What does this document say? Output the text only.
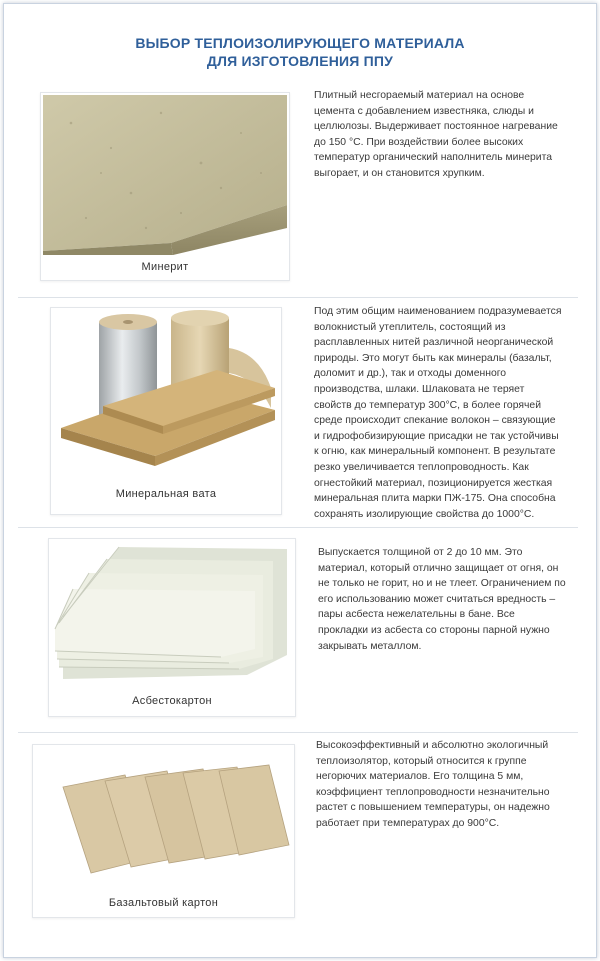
ВЫБОР ТЕПЛОИЗОЛИРУЮЩЕГО МАТЕРИАЛА
ДЛЯ ИЗГОТОВЛЕНИЯ ППУ
Минерит
Плитный несгораемый материал на основе цемента с добавлением известняка, слюды и целлюлозы. Выдерживает постоянное нагревание до 150 °С. При воздействии более высоких температур органический наполнитель минерита выгорает, и он становится хрупким.
Минеральная вата
Под этим общим наименованием подразумевается волокнистый утеплитель, состоящий из расплавленных нитей различной неорганической природы. Это могут быть как минералы (базальт, доломит и др.), так и отходы доменного производства, шлаки. Шлаковата не теряет свойств до температур 300°С, в более горячей среде происходит спекание волокон – связующие и гидрофобизирующие присадки не так устойчивы к огню, как минеральный компонент. В результате резко увеличивается теплопроводность. Как огнестойкий материал, позиционируется жесткая минеральная плита марки ПЖ-175. Она способна сохранять изолирующие свойства до 1000°С.
Асбестокартон
Выпускается толщиной от 2 до 10 мм. Это материал, который отлично защищает от огня, он не только не горит, но и не тлеет. Ограничением по его использованию может считаться вредность – пары асбеста нежелательны в бане. Все прокладки из асбеста со стороны парной нужно закрывать металлом.
Базальтовый картон
Высокоэффективный и абсолютно экологичный теплоизолятор, который относится к группе негорючих материалов. Его толщина 5 мм, коэффициент теплопроводности незначительно растет с повышением температуры, он надежно работает при температурах до 900°С.
